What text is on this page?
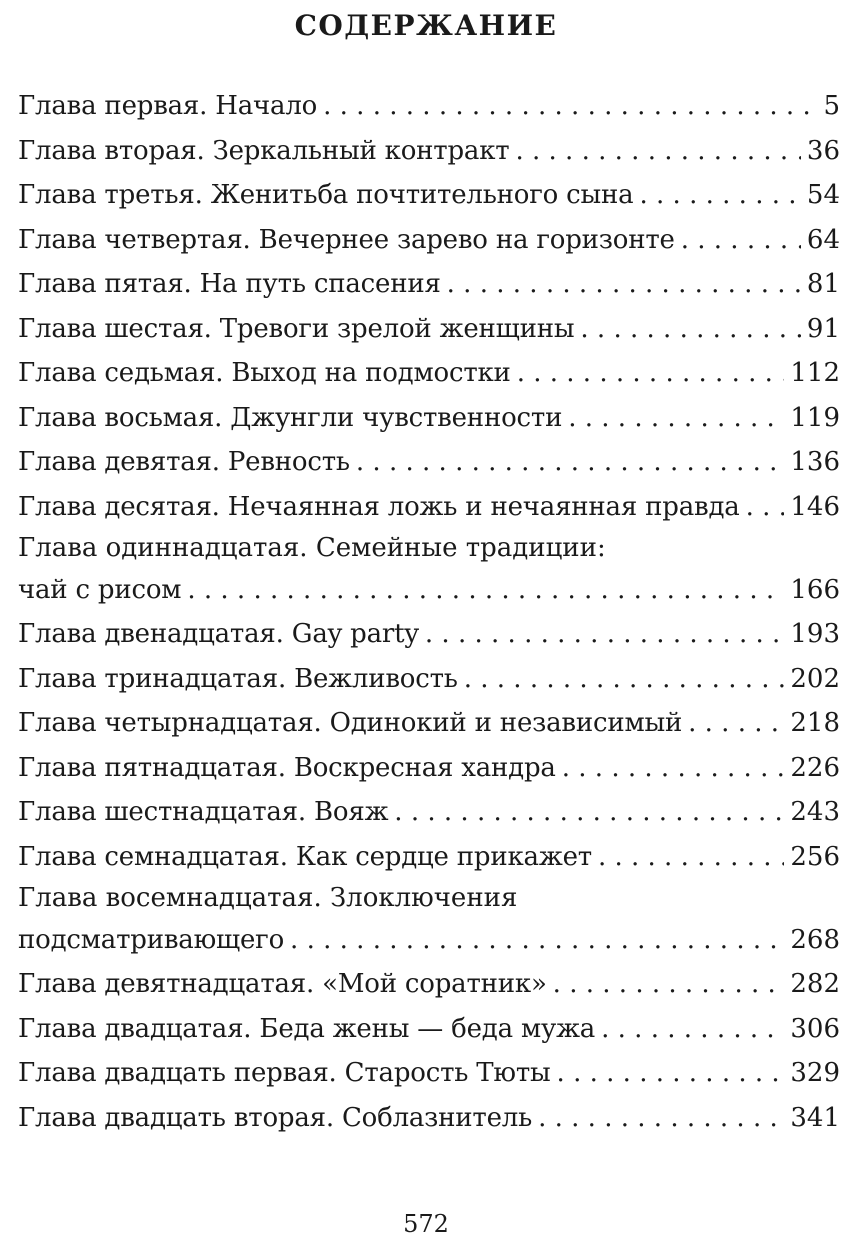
СОДЕРЖАНИЕ
Глава первая. Начало . . .	5
Глава вторая. Зеркальный контракт . . .	36
Глава третья. Женитьба почтительного сына . . .	54
Глава четвертая. Вечернее зарево на горизонте . . .	64
Глава пятая. На путь спасения . . .	81
Глава шестая. Тревоги зрелой женщины . . .	91
Глава седьмая. Выход на подмостки . . .	112
Глава восьмая. Джунгли чувственности . . .	119
Глава девятая. Ревность . . .	136
Глава десятая. Нечаянная ложь и нечаянная правда . . . 146
Глава одиннадцатая. Семейные традиции:
чай с рисом . . .	166
Глава двенадцатая. Gay party . . .	193
Глава тринадцатая. Вежливость . . .	202
Глава четырнадцатая. Одинокий и независимый . . .	218
Глава пятнадцатая. Воскресная хандра . . .	226
Глава шестнадцатая. Вояж . . .	243
Глава семнадцатая. Как сердце прикажет . . .	256
Глава восемнадцатая. Злоключения
подсматривающего . . .	268
Глава девятнадцатая. «Мой соратник» . . .	282
Глава двадцатая. Беда жены — беда мужа . . .	306
Глава двадцать первая. Старость Тюты . . .	329
Глава двадцать вторая. Соблазнитель . . .	341
572
